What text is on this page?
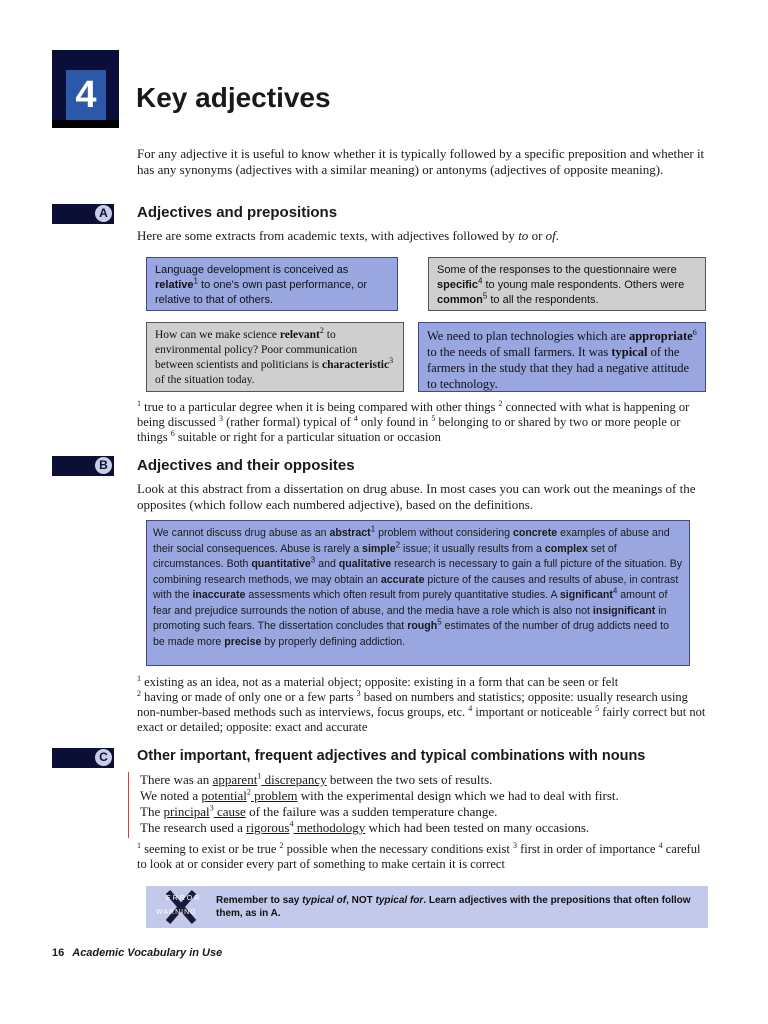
4	Key adjectives
For any adjective it is useful to know whether it is typically followed by a specific preposition and whether it has any synonyms (adjectives with a similar meaning) or antonyms (adjectives of opposite meaning).
A Adjectives and prepositions
Here are some extracts from academic texts, with adjectives followed by to or of.
Language development is conceived as relative$^1$ to one's own past performance, or relative to that of others.
Some of the responses to the questionnaire were specific$^4$ to young male respondents. Others were common$^5$ to all the respondents.
How can we make science relevant$^2$ to environmental policy? Poor communication between scientists and politicians is characteristic$^3$ of the situation today.
We need to plan technologies which are appropriate$^6$ to the needs of small farmers. It was typical of the farmers in the study that they had a negative attitude to technology.
$^1$ true to a particular degree when it is being compared with other things $^2$ connected with what is happening or being discussed $^3$ (rather formal) typical of $^4$ only found in $^5$ belonging to or shared by two or more people or things $^6$ suitable or right for a particular situation or occasion
B Adjectives and their opposites
Look at this abstract from a dissertation on drug abuse. In most cases you can work out the meanings of the opposites (which follow each numbered adjective), based on the definitions.
We cannot discuss drug abuse as an abstract$^1$ problem without considering concrete examples of abuse and their social consequences. Abuse is rarely a simple$^2$ issue; it usually results from a complex set of circumstances. Both quantitative$^3$ and qualitative research is necessary to gain a full picture of the situation. By combining research methods, we may obtain an accurate picture of the causes and results of abuse, in contrast with the inaccurate assessments which often result from purely quantitative studies. A significant$^4$ amount of fear and prejudice surrounds the notion of abuse, and the media have a role which is also not insignificant in promoting such fears. The dissertation concludes that rough$^5$ estimates of the number of drug addicts need to be made more precise by properly defining addiction.
$^1$ existing as an idea, not as a material object; opposite: existing in a form that can be seen or felt
$^2$ having or made of only one or a few parts $^3$ based on numbers and statistics; opposite: usually research using non-number-based methods such as interviews, focus groups, etc. $^4$ important or noticeable $^5$ fairly correct but not exact or detailed; opposite: exact and accurate
C Other important, frequent adjectives and typical combinations with nouns
There was an apparent$^1$ discrepancy between the two sets of results.
We noted a potential$^2$ problem with the experimental design which we had to deal with first.
The principal$^3$ cause of the failure was a sudden temperature change.
The research used a rigorous$^4$ methodology which had been tested on many occasions.
$^1$ seeming to exist or be true $^2$ possible when the necessary conditions exist $^3$ first in order of importance $^4$ careful to look at or consider every part of something to make certain it is correct
ERROR
WARNING
Remember to say typical of, NOT typical for. Learn adjectives with the prepositions that often follow them, as in A.
16 Academic Vocabulary in Use
